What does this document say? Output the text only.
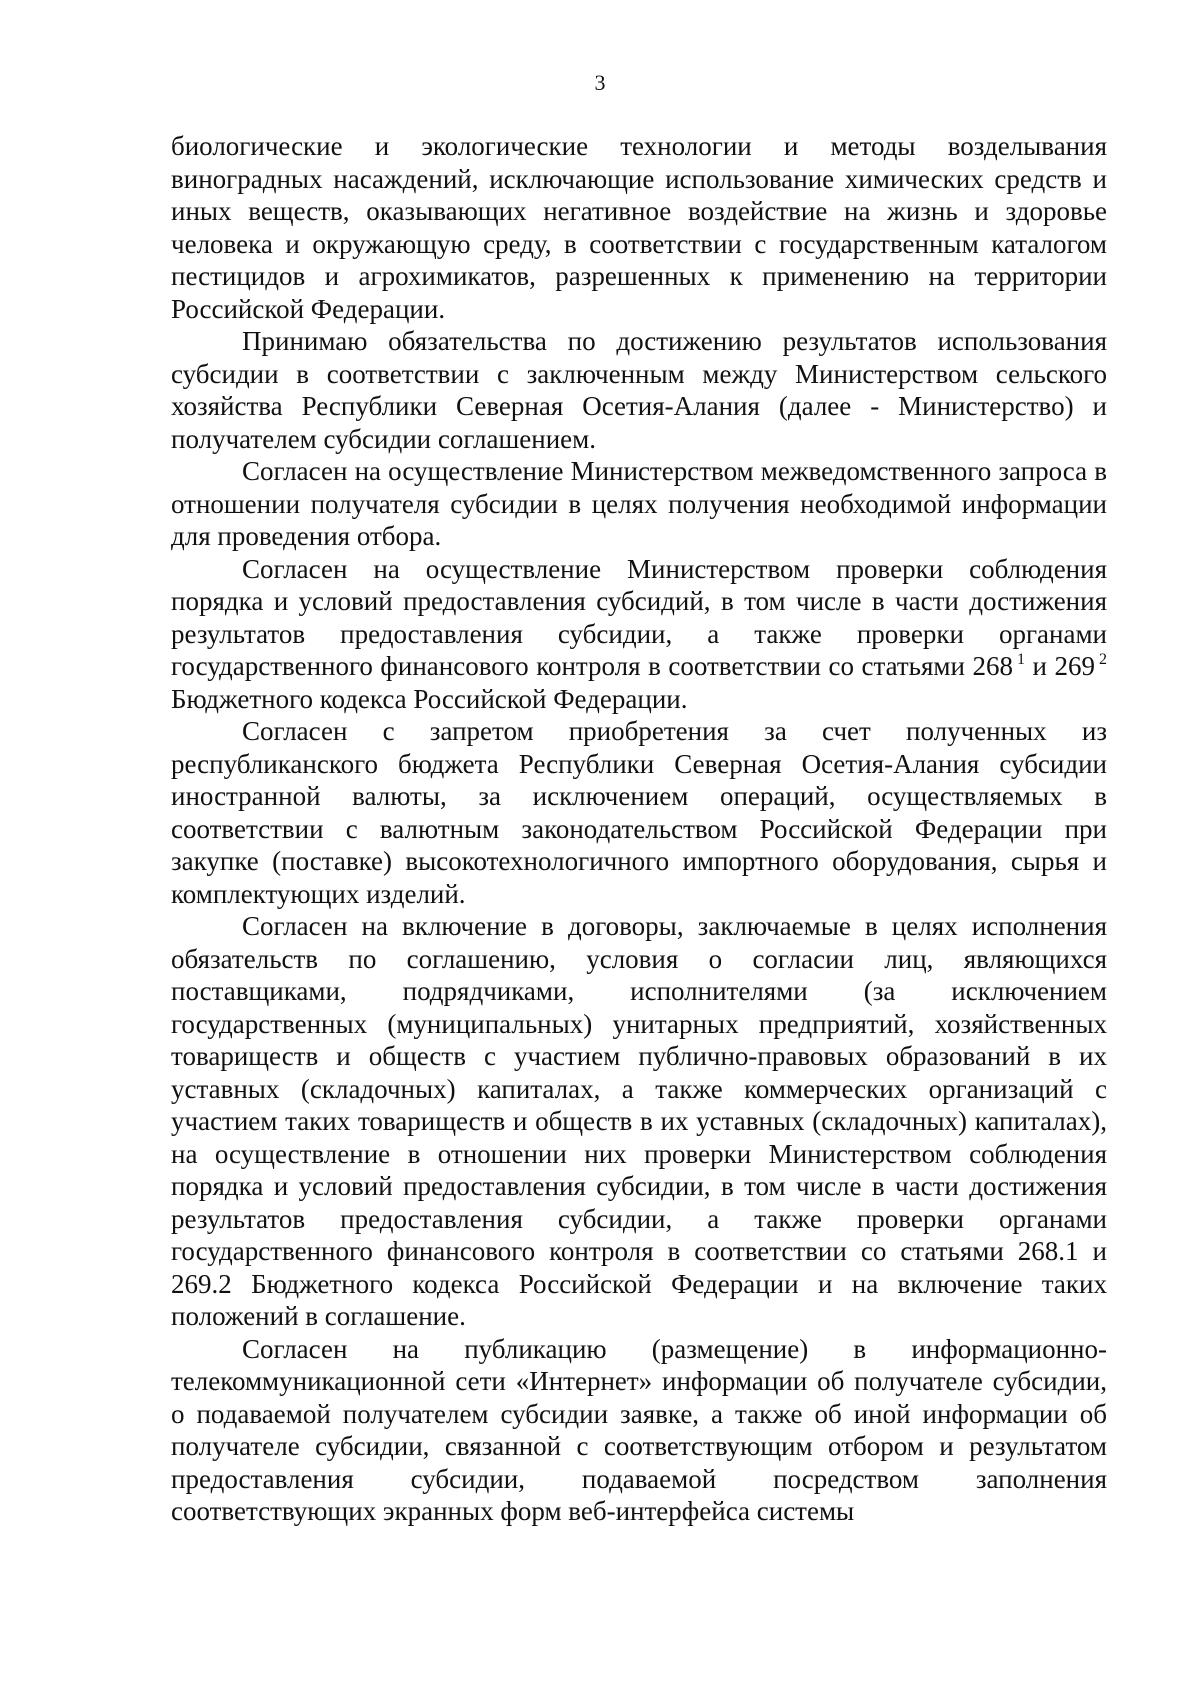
3

биологические и экологические технологии и методы возделывания виноградных насаждений, исключающие использование химических средств и иных веществ, оказывающих негативное воздействие на жизнь и здоровье человека и окружающую среду, в соответствии с государственным каталогом пестицидов и агрохимикатов, разрешенных к применению на территории Российской Федерации.

Принимаю обязательства по достижению результатов использования субсидии в соответствии с заключенным между Министерством сельского хозяйства Республики Северная Осетия-Алания (далее - Министерство) и получателем субсидии соглашением.

Согласен на осуществление Министерством межведомственного запроса в отношении получателя субсидии в целях получения необходимой информации для проведения отбора.

Согласен на осуществление Министерством проверки соблюдения порядка и условий предоставления субсидий, в том числе в части достижения результатов предоставления субсидии, а также проверки органами государственного финансового контроля в соответствии со статьями 268 $^1$ и 269 $^2$ Бюджетного кодекса Российской Федерации.

Согласен с запретом приобретения за счет полученных из республиканского бюджета Республики Северная Осетия-Алания субсидии иностранной валюты, за исключением операций, осуществляемых в соответствии с валютным законодательством Российской Федерации при закупке (поставке) высокотехнологичного импортного оборудования, сырья и комплектующих изделий.

Согласен на включение в договоры, заключаемые в целях исполнения обязательств по соглашению, условия о согласии лиц, являющихся поставщиками, подрядчиками, исполнителями (за исключением государственных (муниципальных) унитарных предприятий, хозяйственных товариществ и обществ с участием публично-правовых образований в их уставных (складочных) капиталах, а также коммерческих организаций с участием таких товариществ и обществ в их уставных (складочных) капиталах), на осуществление в отношении них проверки Министерством соблюдения порядка и условий предоставления субсидии, в том числе в части достижения результатов предоставления субсидии, а также проверки органами государственного финансового контроля в соответствии со статьями 268.1 и 269.2 Бюджетного кодекса Российской Федерации и на включение таких положений в соглашение.

Согласен на публикацию (размещение) в информационно-телекоммуникационной сети «Интернет» информации об получателе субсидии, о подаваемой получателем субсидии заявке, а также об иной информации об получателе субсидии, связанной с соответствующим отбором и результатом предоставления субсидии, подаваемой посредством заполнения соответствующих экранных форм веб-интерфейса системы
